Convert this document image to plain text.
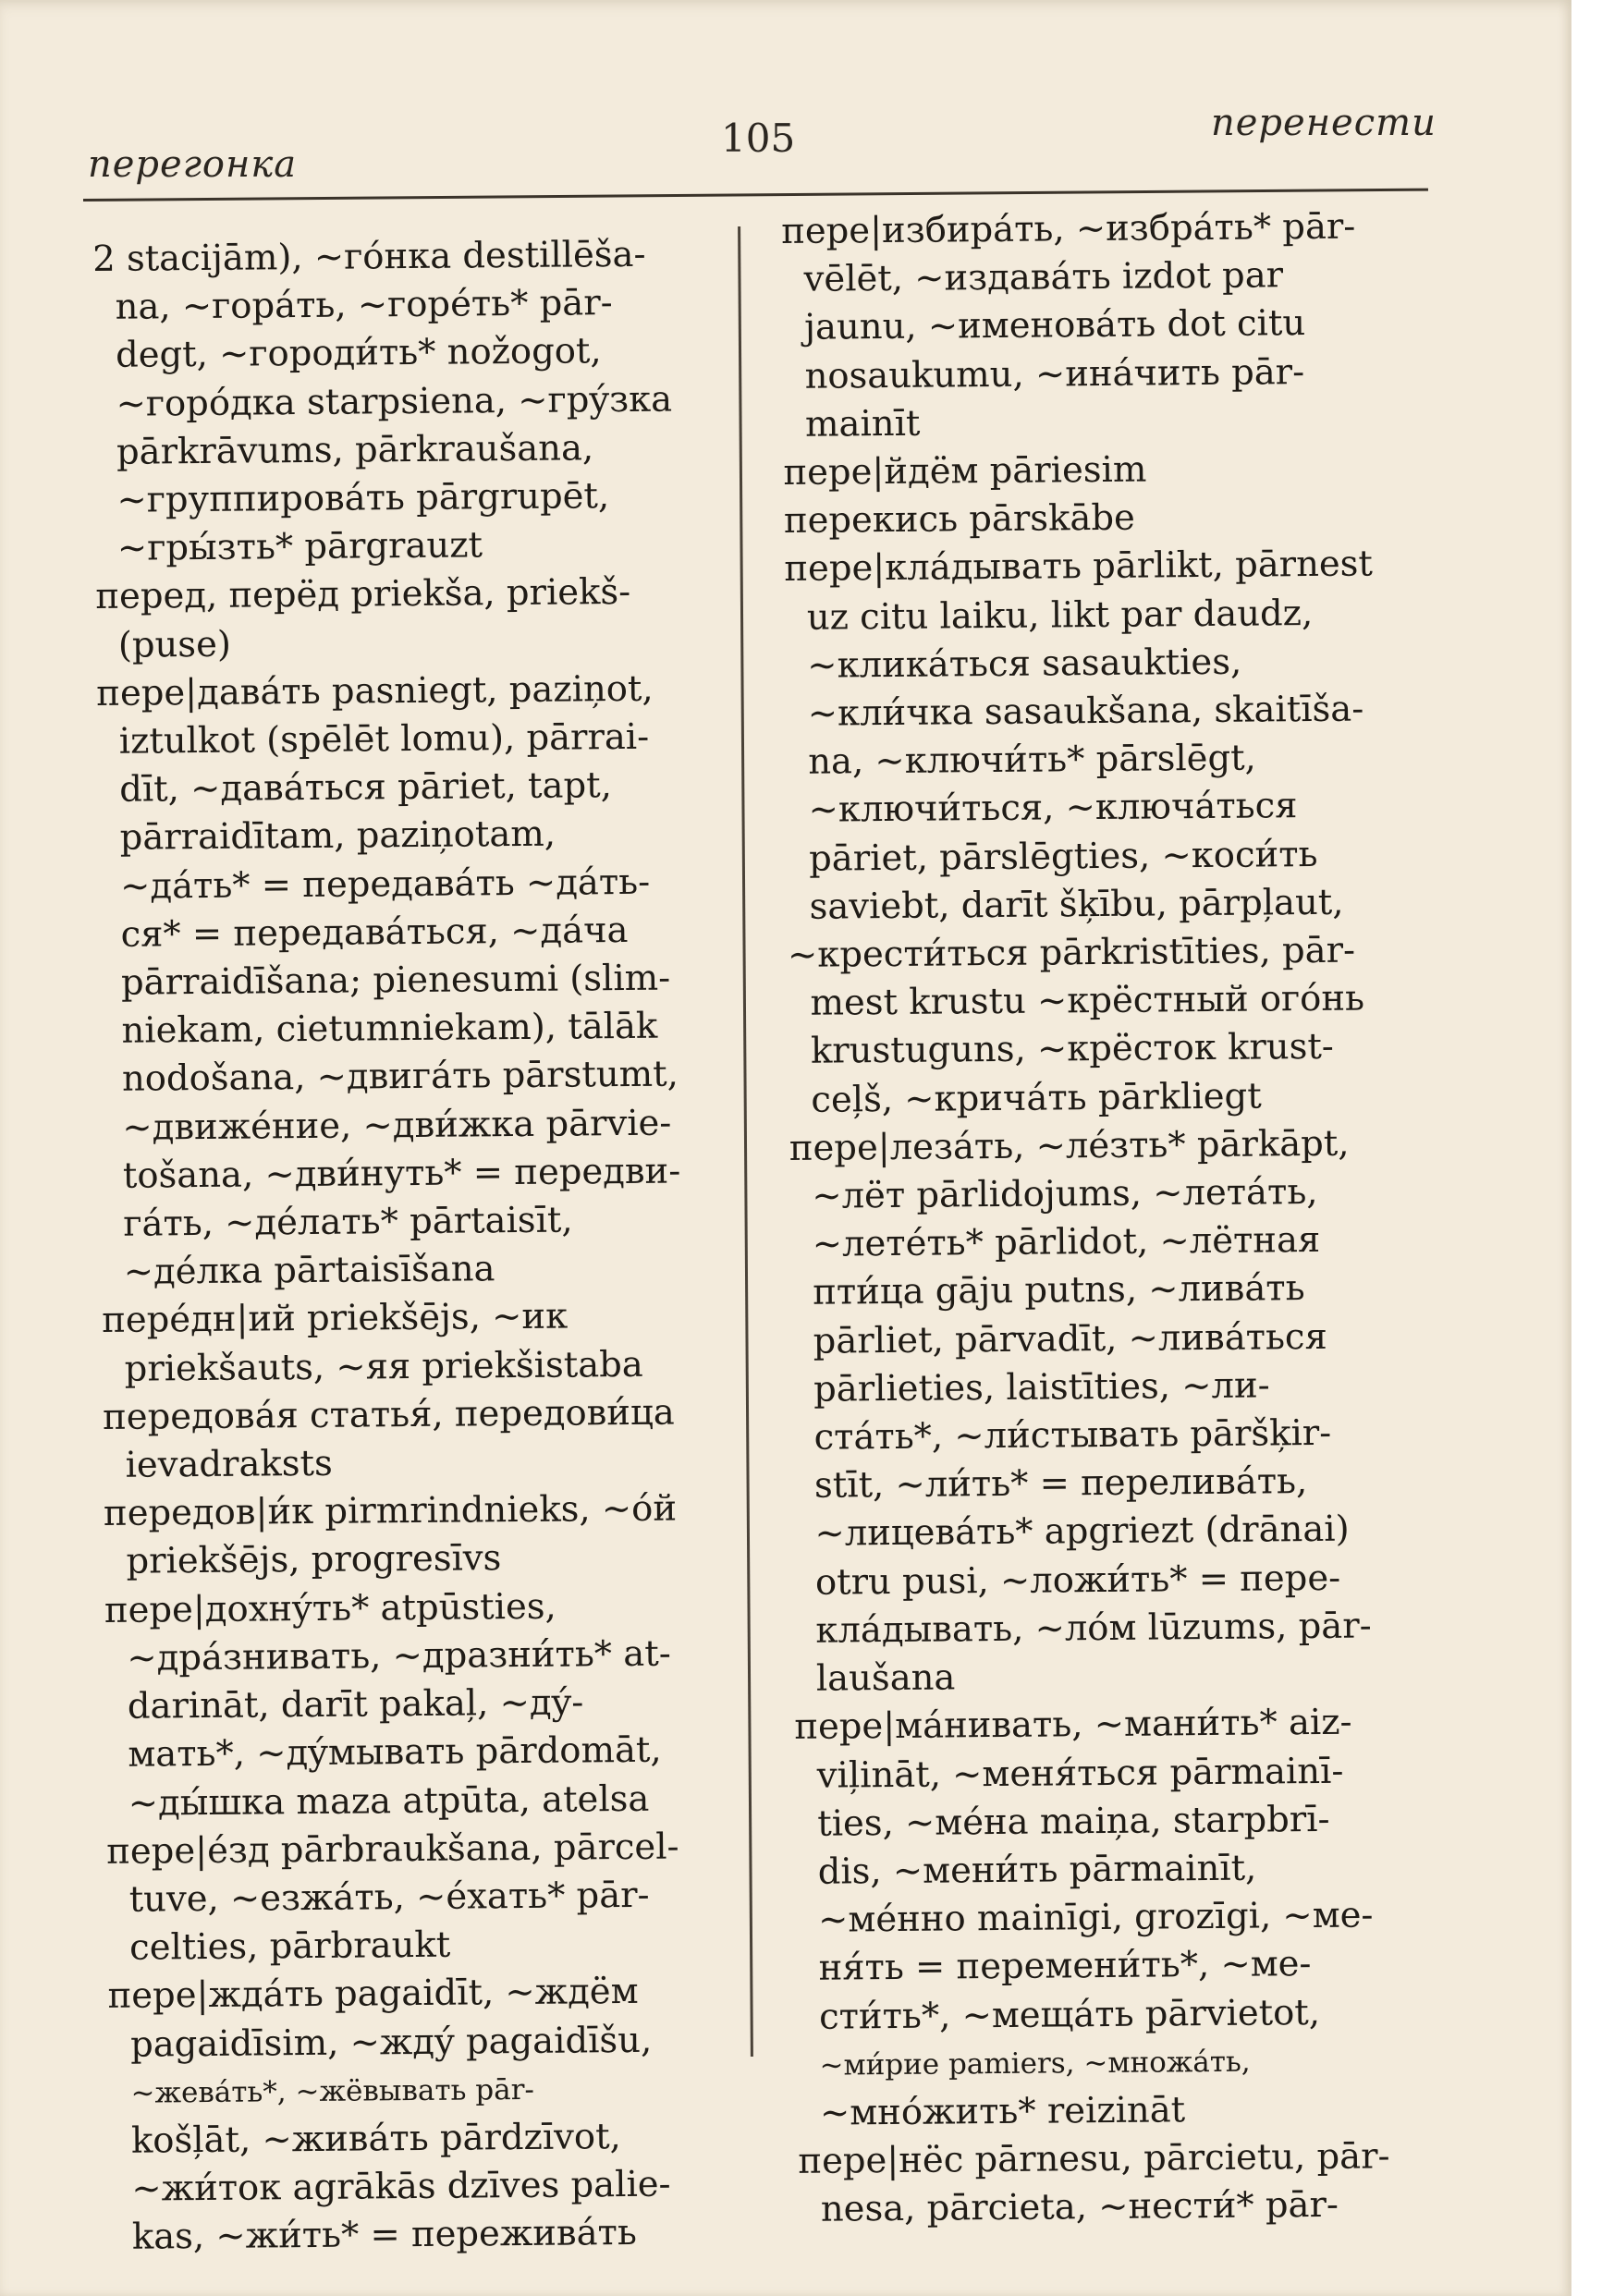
перегонка
105	перенести
2 stacijām), ~гóнка destillēša-
na, ~горáть, ~горéть* pār-
degt, ~городи́ть* nožogot,
~горóдка starpsiena, ~грýзка
pārkrāvums, pārkraušana,
~группировáть pārgrupēt,
~гры́зть* pārgrauzt
перед, перёд priekša, priekš-
(puse)
пере|давáть pasniegt, paziņot,
iztulkot (spēlēt lomu), pārrai-
dīt, ~давáться pāriet, tapt,
pārraidītam, paziņotam,
~дáть* = передавáть ~дáть-
ся* = передавáться, ~дáча
pārraidīšana; pienesumi (slim-
niekam, cietumniekam), tālāk
nodošana, ~двигáть pārstumt,
~движéние, ~дви́жка pārvie-
tošana, ~дви́нуть* = передви-
гáть, ~дéлать* pārtaisīt,
~дéлка pārtaisīšana
перéдн|ий priekšējs, ~ик
priekšauts, ~яя priekšistaba
передовáя статья́, передови́ца
ievadraksts
передов|и́к pirmrindnieks, ~óй
priekšējs, progresīvs
пере|дохнýть* atpūsties,
~дрáзнивать, ~дразни́ть* at-
darināt, darīt pakaļ, ~дý-
мать*, ~дýмывать pārdomāt,
~ды́шка maza atpūta, atelsa
пере|éзд pārbraukšana, pārcel-
tuve, ~езжáть, ~éхать* pār-
celties, pārbraukt
пере|ждáть pagaidīt, ~ждём
pagaidīsim, ~ждý pagaidīšu,
~жевáть*, ~жёвывать pār-
košļāt, ~живáть pārdzīvot,
~жи́ток agrākās dzīves palie-
kas, ~жи́ть* = переживáть
пере|избирáть, ~избрáть* pār-
vēlēt, ~издавáть izdot par
jaunu, ~именовáть dot citu
nosaukumu, ~инáчить pār-
mainīt
пере|йдём pāriesim
перекись pārskābe
пере|клáдывать pārlikt, pārnest
uz citu laiku, likt par daudz,
~кликáться sasaukties,
~кли́чка sasaukšana, skaitīša-
na, ~ключи́ть* pārslēgt,
~ключи́ться, ~ключáться
pāriet, pārslēgties, ~коси́ть
saviebt, darīt šķību, pārpļaut,
~крести́ться pārkristīties, pār-
mest krustu ~крёстный огóнь
krustuguns, ~крёсток krust-
ceļš, ~кричáть pārkliegt
пере|лезáть, ~лéзть* pārkāpt,
~лёт pārlidojums, ~летáть,
~летéть* pārlidot, ~лётная
пти́ца gāju putns, ~ливáть
pārliet, pārvadīt, ~ливáться
pārlieties, laistīties, ~ли-
стáть*, ~ли́стывать pāršķir-
stīt, ~ли́ть* = переливáть,
~лицевáть* apgriezt (drānai)
otru pusi, ~ложи́ть* = пере-
клáдывать, ~лóм lūzums, pār-
laušana
пере|мáнивать, ~мани́ть* aiz-
viļināt, ~меня́ться pārmainī-
ties, ~мéна maiņa, starpbrī-
dis, ~мени́ть pārmainīt,
~мéнно mainīgi, grozīgi, ~ме-
ня́ть = перемени́ть*, ~ме-
сти́ть*, ~мещáть pārvietot,
~ми́рие pamiers, ~множáть,
~мнóжить* reizināt
пере|нёс pārnesu, pārcietu, pār-
nesa, pārcieta, ~нести́* pār-
